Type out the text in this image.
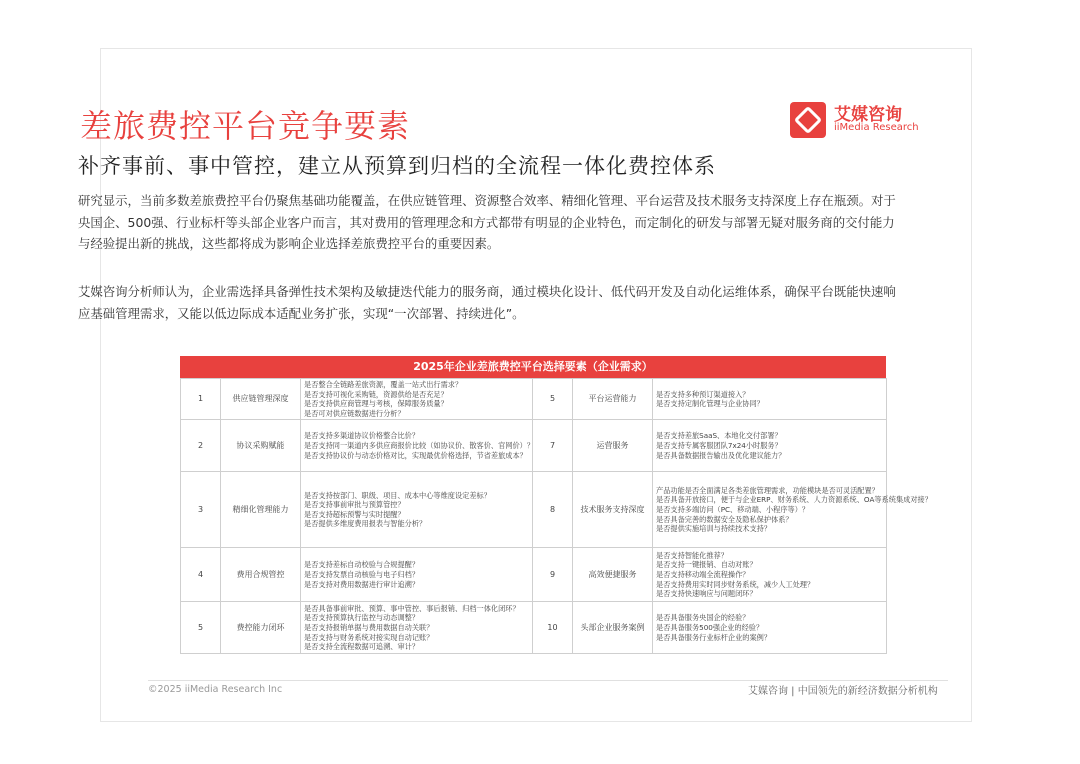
差旅费控平台竞争要素	艾媒咨询
iiMedia Research
补齐事前、事中管控，建立从预算到归档的全流程一体化费控体系
研究显示，当前多数差旅费控平台仍聚焦基础功能覆盖，在供应链管理、资源整合效率、精细化管理、平台运营及技术服务支持深度上存在瓶颈。对于央国企、500强、行业标杆等头部企业客户而言，其对费用的管理理念和方式都带有明显的企业特色，而定制化的研发与部署无疑对服务商的交付能力与经验提出新的挑战，这些都将成为影响企业选择差旅费控平台的重要因素。
艾媒咨询分析师认为，企业需选择具备弹性技术架构及敏捷迭代能力的服务商，通过模块化设计、低代码开发及自动化运维体系，确保平台既能快速响应基础管理需求，又能以低边际成本适配业务扩张，实现“一次部署、持续进化”。
2025年企业差旅费控平台选择要素（企业需求）
1	供应链管理深度	是否整合全链路差旅资源，覆盖一站式出行需求？
是否支持可视化采购链，资源供给是否充足？
是否支持供应商管理与考核，保障服务质量？
是否可对供应链数据进行分析？	5	平台运营能力	是否支持多种预订渠道接入？
是否支持定制化管理与企业协同？

2	协议采购赋能	是否支持多渠道协议价格整合比价？
是否支持同一渠道内多供应商报价比较（如协议价、散客价、官网价）？
是否支持协议价与动态价格对比，实现最优价格选择，节省差旅成本？	7	运营服务	是否支持差旅SaaS、本地化交付部署？
是否支持专属客服团队7x24小时服务？
是否具备数据报告输出及优化建议能力？

3	精细化管理能力	是否支持按部门、职级、项目、成本中心等维度设定差标？
是否支持事前审批与预算管控？
是否支持超标预警与实时提醒？
是否提供多维度费用报表与智能分析？	8	技术服务支持深度	产品功能是否全面满足各类差旅管理需求，功能模块是否可灵活配置？
是否具备开放接口，便于与企业ERP、财务系统、人力资源系统、OA等系统集成对接？
是否支持多端访问（PC、移动端、小程序等）？
是否具备完善的数据安全及隐私保护体系？
是否提供实施培训与持续技术支持？

4	费用合规管控	是否支持差标自动校验与合规提醒？
是否支持发票自动核验与电子归档？
是否支持对费用数据进行审计追溯？	9	高效便捷服务	是否支持智能化推荐？
是否支持一键报销、自动对账？
是否支持移动端全流程操作？
是否支持费用实时同步财务系统，减少人工处理？
是否支持快速响应与问题闭环？

5	费控能力闭环	是否具备事前审批、预算、事中管控、事后报销、归档一体化闭环？
是否支持预算执行监控与动态调整？
是否支持报销单据与费用数据自动关联？
是否支持与财务系统对接实现自动记账？
是否支持全流程数据可追溯、审计？	10	头部企业服务案例	是否具备服务央国企的经验？
是否具备服务500强企业的经验？
是否具备服务行业标杆企业的案例？
©2025 iiMedia Research Inc	艾媒咨询 | 中国领先的新经济数据分析机构
